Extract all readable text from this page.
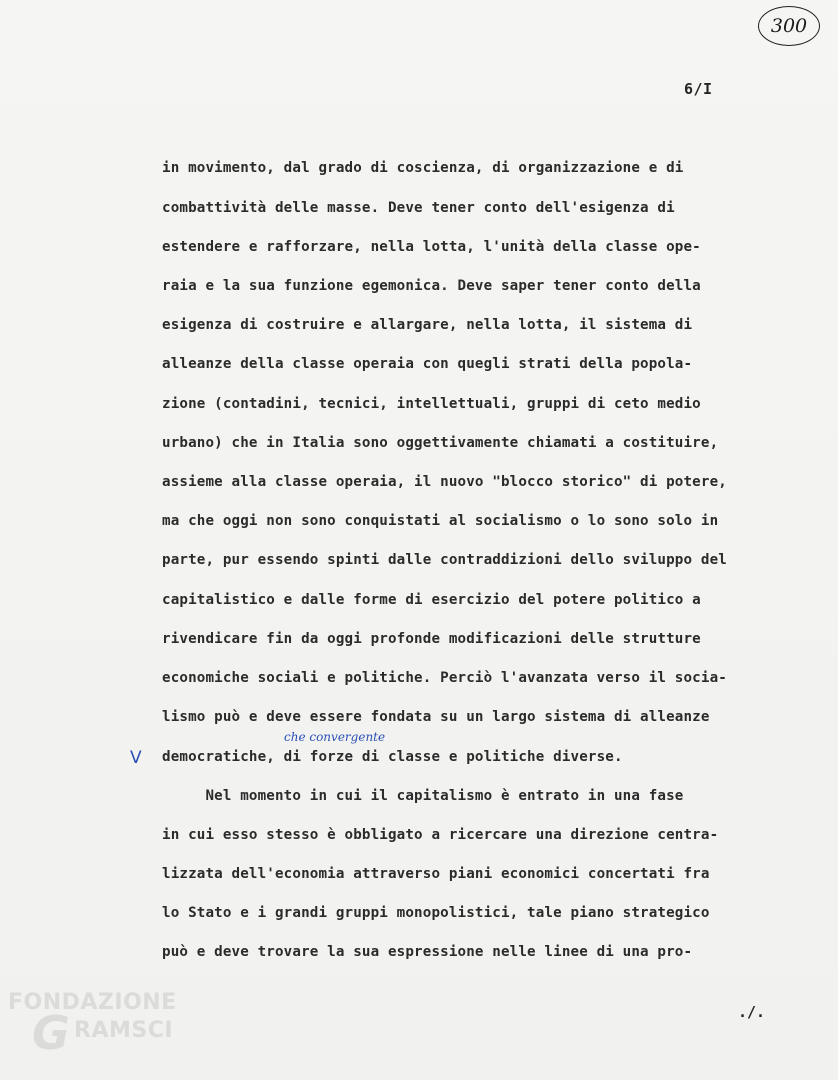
300
6/I
in movimento, dal grado di coscienza, di organizzazione e di
combattività delle masse. Deve tener conto dell'esigenza di
estendere e rafforzare, nella lotta, l'unità della classe ope-
raia e la sua funzione egemonica. Deve saper tener conto della
esigenza di costruire e allargare, nella lotta, il sistema di
alleanze della classe operaia con quegli strati della popola-
zione (contadini, tecnici, intellettuali, gruppi di ceto medio
urbano) che in Italia sono oggettivamente chiamati a costituire,
assieme alla classe operaia, il nuovo "blocco storico" di potere,
ma che oggi non sono conquistati al socialismo o lo sono solo in
parte, pur essendo spinti dalle contraddizioni dello sviluppo del
capitalistico e dalle forme di esercizio del potere politico a
rivendicare fin da oggi profonde modificazioni delle strutture
economiche sociali e politiche. Perciò l'avanzata verso il socia-
lismo può e deve essere fondata su un largo sistema di alleanze
democratiche, di forze di classe e politiche diverse.
Nel momento in cui il capitalismo è entrato in una fase
in cui esso stesso è obbligato a ricercare una direzione centra-
lizzata dell'economia attraverso piani economici concertati fra
lo Stato e i grandi gruppi monopolistici, tale piano strategico
può e deve trovare la sua espressione nelle linee di una pro-
V
che convergente
./.
FONDAZIONE
G RAMSCI
